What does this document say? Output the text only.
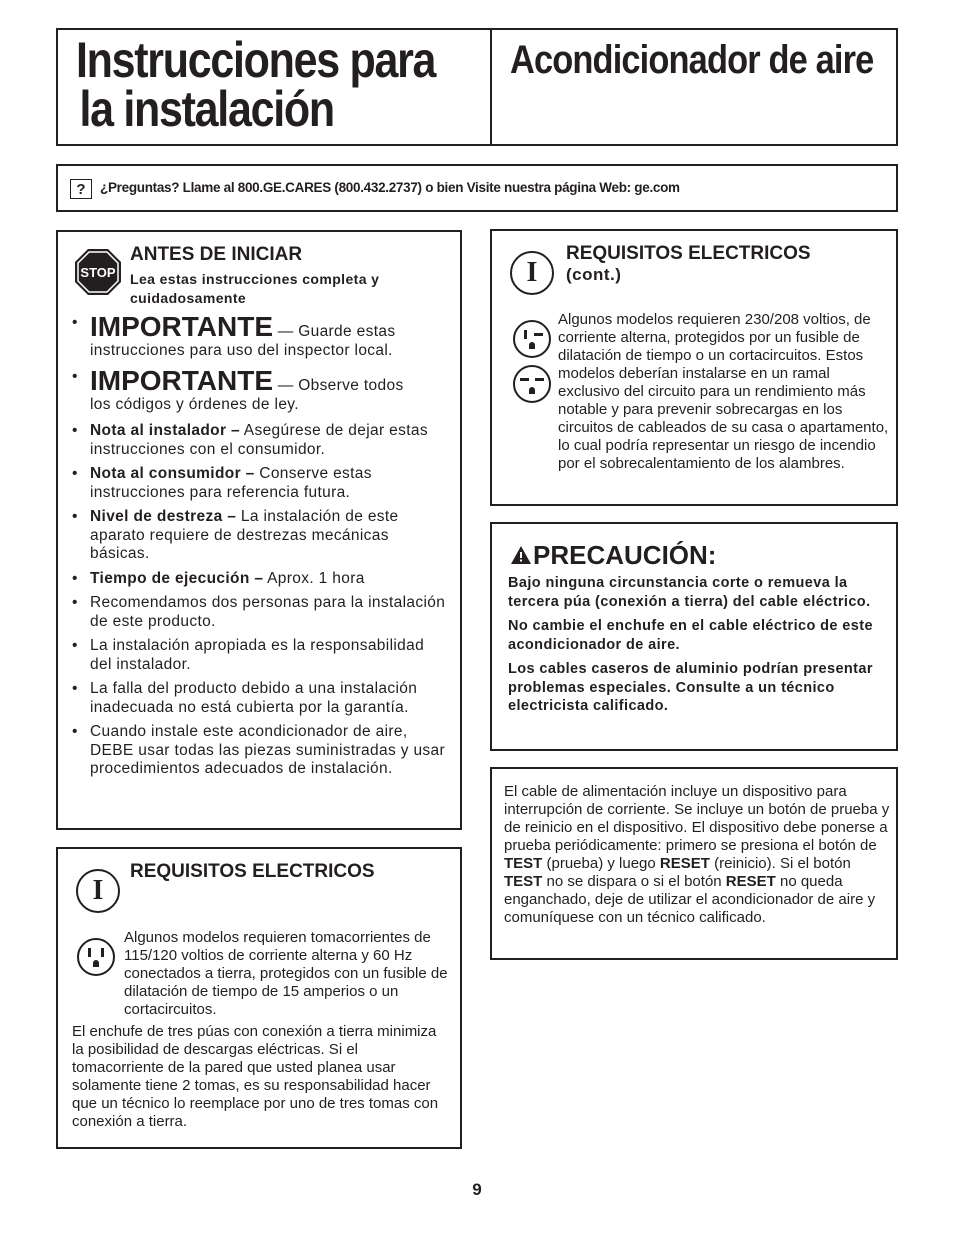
Instrucciones para
la instalación
Acondicionador de aire
?	¿Preguntas? Llame al 800.GE.CARES (800.432.2737) o bien Visite nuestra página Web: ge.com
STOP
ANTES DE INICIAR
Lea estas instrucciones completa y
cuidadosamente
• IMPORTANTE — Guarde estas
instrucciones para uso del inspector local.
• IMPORTANTE — Observe todos
los códigos y órdenes de ley.
• Nota al instalador – Asegúrese de dejar estas instrucciones con el consumidor.
• Nota al consumidor – Conserve estas instrucciones para referencia futura.
• Nivel de destreza – La instalación de este aparato requiere de destrezas mecánicas básicas.
• Tiempo de ejecución – Aprox. 1 hora
• Recomendamos dos personas para la instalación de este producto.
• La instalación apropiada es la responsabilidad del instalador.
• La falla del producto debido a una instalación inadecuada no está cubierta por la garantía.
• Cuando instale este acondicionador de aire, DEBE usar todas las piezas suministradas y usar procedimientos adecuados de instalación.
I
REQUISITOS ELECTRICOS
Algunos modelos requieren tomacorrientes de 115/120 voltios de corriente alterna y 60 Hz conectados a tierra, protegidos con un fusible de dilatación de tiempo de 15 amperios o un cortacircuitos.
El enchufe de tres púas con conexión a tierra minimiza la posibilidad de descargas eléctricas. Si el tomacorriente de la pared que usted planea usar solamente tiene 2 tomas, es su responsabilidad hacer que un técnico lo reemplace por uno de tres tomas con conexión a tierra.
I
REQUISITOS ELECTRICOS
(cont.)
Algunos modelos requieren 230/208 voltios, de corriente alterna, protegidos por un fusible de dilatación de tiempo o un cortacircuitos. Estos modelos deberían instalarse en un ramal exclusivo del circuito para un rendimiento más notable y para prevenir sobrecargas en los circuitos de cableados de su casa o apartamento, lo cual podría representar un riesgo de incendio por el sobrecalentamiento de los alambres.
PRECAUCIÓN:
Bajo ninguna circunstancia corte o remueva la tercera púa (conexión a tierra) del cable eléctrico.
No cambie el enchufe en el cable eléctrico de este acondicionador de aire.
Los cables caseros de aluminio podrían presentar problemas especiales. Consulte a un técnico electricista calificado.
El cable de alimentación incluye un dispositivo para interrupción de corriente. Se incluye un botón de prueba y de reinicio en el dispositivo. El dispositivo debe ponerse a prueba periódicamente: primero se presiona el botón de TEST (prueba) y luego RESET (reinicio). Si el botón TEST no se dispara o si el botón RESET no queda enganchado, deje de utilizar el acondicionador de aire y comuníquese con un técnico calificado.
9
